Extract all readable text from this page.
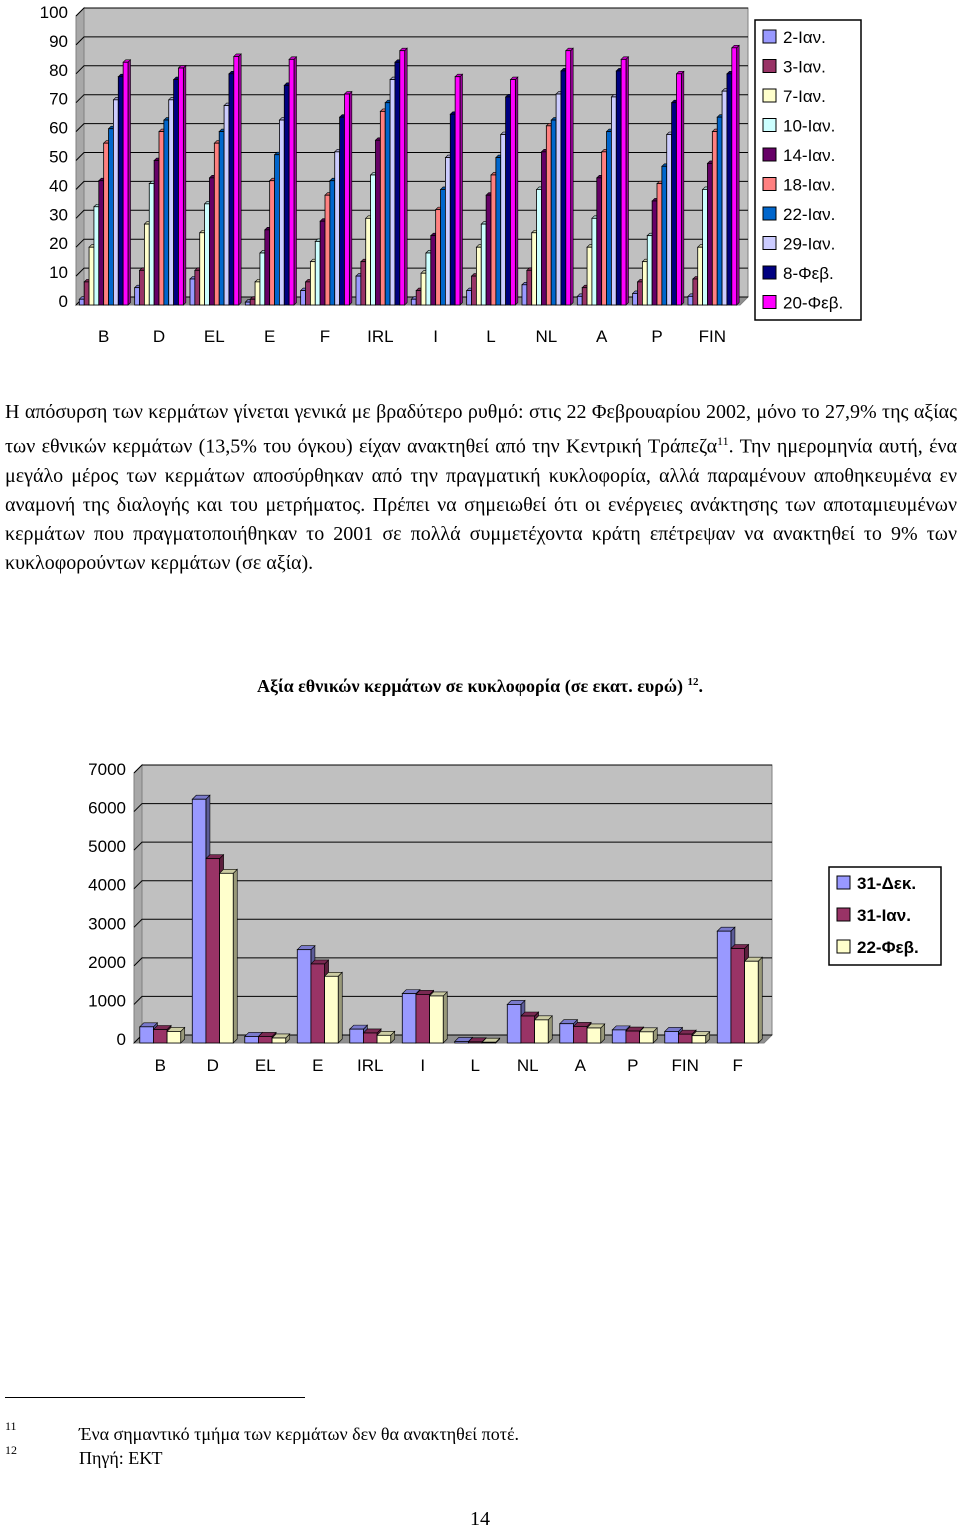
0
10
20
30
40
50
60
70
80
90
100
B	D EL E	F IRL I	L NL A	P FIN
2-Ιαν.
3-Ιαν.
7-Ιαν.
10-Ιαν.
14-Ιαν.
18-Ιαν.
22-Ιαν.
29-Ιαν.
8-Φεβ.
20-Φεβ.
Η απόσυρση των κερμάτων γίνεται γενικά με βραδύτερο ρυθμό: στις 22 Φεβρουαρίου 2002, μόνο το 27,9% της αξίας των εθνικών κερμάτων (13,5% του όγκου) είχαν ανακτηθεί από την Κεντρική Τράπεζα$^{11}$. Την ημερομηνία αυτή, ένα μεγάλο μέρος των κερμάτων αποσύρθηκαν από την πραγματική κυκλοφορία, αλλά παραμένουν αποθηκευμένα εν αναμονή της διαλογής και του μετρήματος. Πρέπει να σημειωθεί ότι οι ενέργειες ανάκτησης των αποταμιευμένων κερμάτων που πραγματοποιήθηκαν το 2001 σε πολλά συμμετέχοντα κράτη επέτρεψαν να ανακτηθεί το 9% των κυκλοφορούντων κερμάτων (σε αξία).
Αξία εθνικών κερμάτων σε κυκλοφορία (σε εκατ. ευρώ) $^{12}$.
0
1000
2000
3000
4000
5000
6000
7000
B D EL E IRL I	L NL A P FIN F
31-Δεκ.
31-Ιαν.
22-Φεβ.
11
12
Ένα σημαντικό τμήμα των κερμάτων δεν θα ανακτηθεί ποτέ.
Πηγή: ΕΚΤ
14
